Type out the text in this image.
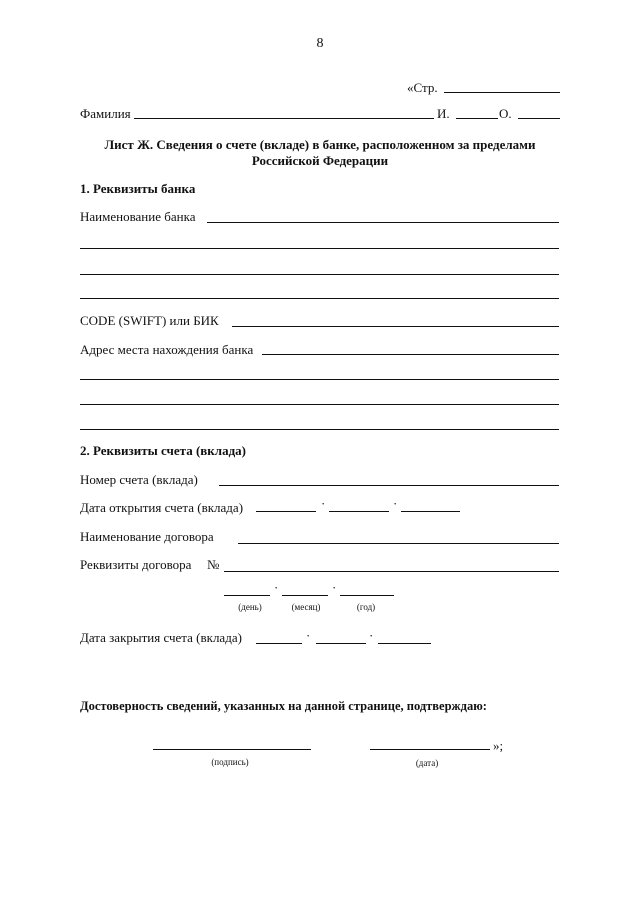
8
«Стр.
Фамилия	И.	О.
Лист Ж. Сведения о счете (вкладе) в банке, расположенном за пределами
Российской Федерации
1. Реквизиты банка
Наименование банка
CODE (SWIFT) или БИК
Адрес места нахождения банка
2. Реквизиты счета (вклада)
Номер счета (вклада)
Дата открытия счета (вклада)	·	·
Наименование договора
Реквизиты договора №
·	·
(день)	(месяц)	(год)
Дата закрытия счета (вклада)	·	·
Достоверность сведений, указанных на данной странице, подтверждаю:
(подпись)
»;
(дата)
